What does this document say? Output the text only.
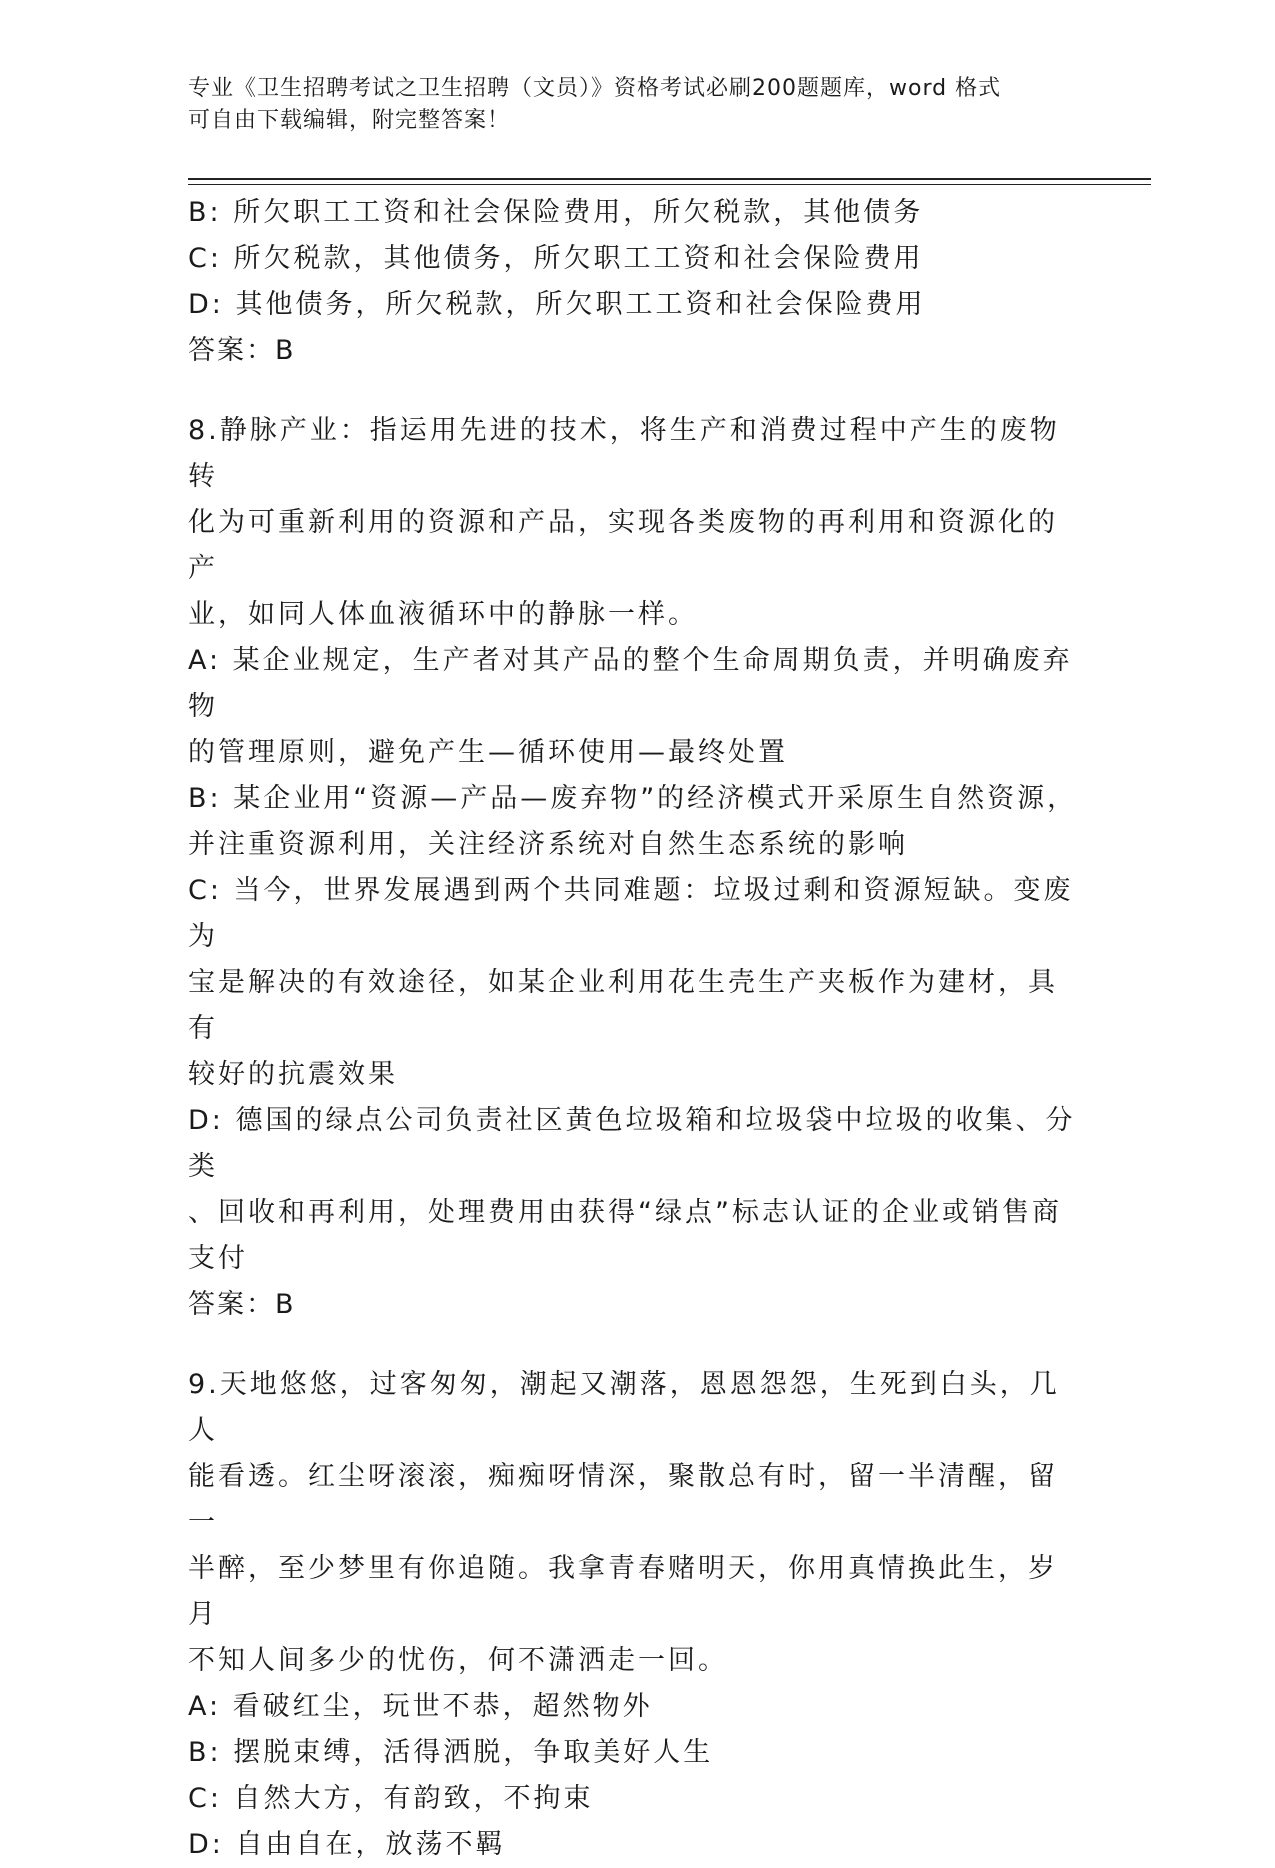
专业《卫生招聘考试之卫生招聘（文员）》资格考试必刷200题题库，word 格式
可自由下载编辑，附完整答案！
B: 所欠职工工资和社会保险费用，所欠税款，其他债务
C: 所欠税款，其他债务，所欠职工工资和社会保险费用
D: 其他债务，所欠税款，所欠职工工资和社会保险费用
答案：B
8.静脉产业：指运用先进的技术，将生产和消费过程中产生的废物转
化为可重新利用的资源和产品，实现各类废物的再利用和资源化的产
业，如同人体血液循环中的静脉一样。
A: 某企业规定，生产者对其产品的整个生命周期负责，并明确废弃物
的管理原则，避免产生—循环使用—最终处置
B: 某企业用“资源—产品—废弃物”的经济模式开采原生自然资源，
并注重资源利用，关注经济系统对自然生态系统的影响
C: 当今，世界发展遇到两个共同难题：垃圾过剩和资源短缺。变废为
宝是解决的有效途径，如某企业利用花生壳生产夹板作为建材，具有
较好的抗震效果
D: 德国的绿点公司负责社区黄色垃圾箱和垃圾袋中垃圾的收集、分类
、回收和再利用，处理费用由获得“绿点”标志认证的企业或销售商
支付
答案：B
9.天地悠悠，过客匆匆，潮起又潮落，恩恩怨怨，生死到白头，几人
能看透。红尘呀滚滚，痴痴呀情深，聚散总有时，留一半清醒，留一
半醉，至少梦里有你追随。我拿青春赌明天，你用真情换此生，岁月
不知人间多少的忧伤，何不潇洒走一回。
A: 看破红尘，玩世不恭，超然物外
B: 摆脱束缚，活得洒脱，争取美好人生
C: 自然大方，有韵致，不拘束
D: 自由自在，放荡不羁
